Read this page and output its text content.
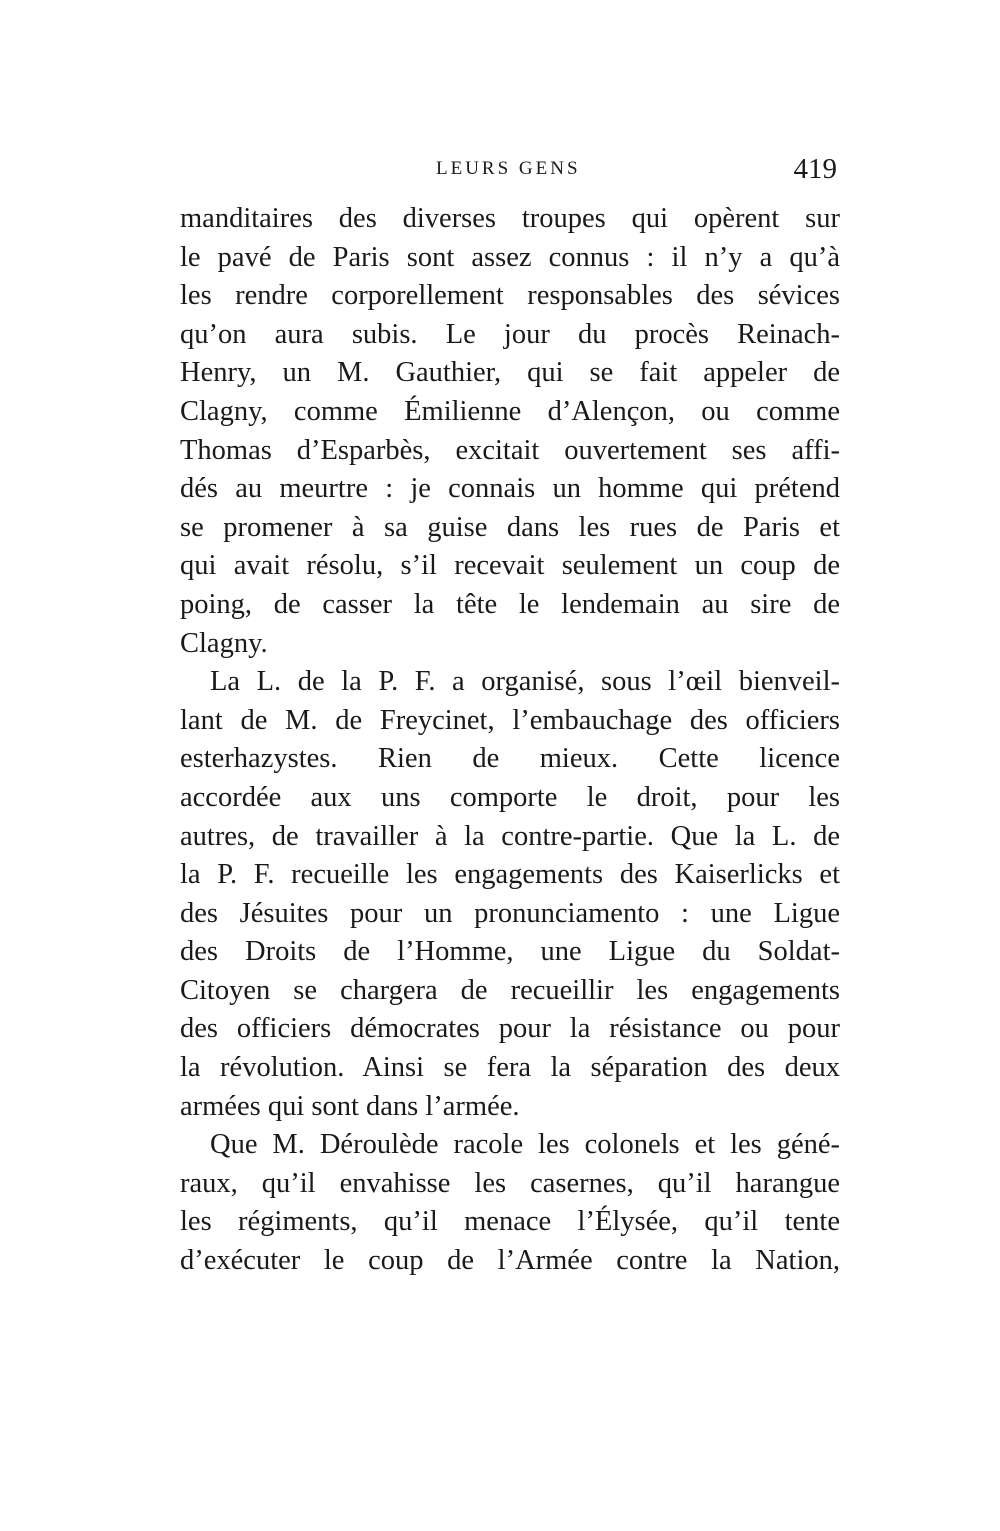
LEURS GENS	419
manditaires des diverses troupes qui opèrent sur
le pavé de Paris sont assez connus : il n’y a qu’à
les rendre corporellement responsables des sévices
qu’on aura subis. Le jour du procès Reinach-
Henry, un M. Gauthier, qui se fait appeler de
Clagny, comme Émilienne d’Alençon, ou comme
Thomas d’Esparbès, excitait ouvertement ses affi-
dés au meurtre : je connais un homme qui prétend
se promener à sa guise dans les rues de Paris et
qui avait résolu, s’il recevait seulement un coup de
poing, de casser la tête le lendemain au sire de
Clagny.
La L. de la P. F. a organisé, sous l’œil bienveil-
lant de M. de Freycinet, l’embauchage des officiers
esterhazystes. Rien de mieux. Cette licence
accordée aux uns comporte le droit, pour les
autres, de travailler à la contre-partie. Que la L. de
la P. F. recueille les engagements des Kaiserlicks et
des Jésuites pour un pronunciamento : une Ligue
des Droits de l’Homme, une Ligue du Soldat-
Citoyen se chargera de recueillir les engagements
des officiers démocrates pour la résistance ou pour
la révolution. Ainsi se fera la séparation des deux
armées qui sont dans l’armée.
Que M. Déroulède racole les colonels et les géné-
raux, qu’il envahisse les casernes, qu’il harangue
les régiments, qu’il menace l’Élysée, qu’il tente
d’exécuter le coup de l’Armée contre la Nation,
